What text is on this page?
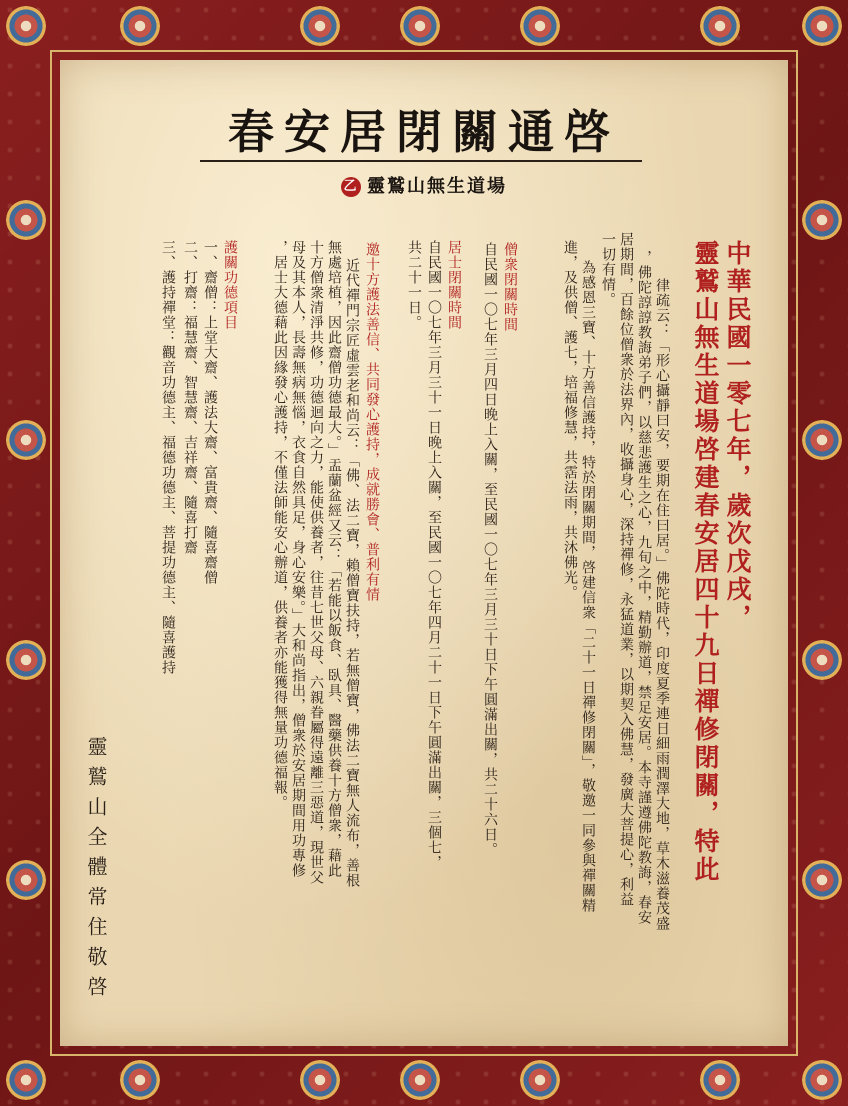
春安居閉關通啓
乙 靈鷲山無生道場
中華民國一零七年，歲次戊戌，
靈鷲山無生道場啓建春安居四十九日禪修閉關，特此
律疏云：「形心攝靜曰安，要期在住曰居。」佛陀時代，印度夏季連日細雨潤澤大地，草木滋養茂盛
，佛陀諄諄教誨弟子們，以慈悲護生之心，九旬之中，精勤辦道，禁足安居。本寺謹遵佛陀教誨，春安
居期間，百餘位僧衆於法界內，收攝身心，深持禪修，永猛道業，以期契入佛慧，發廣大菩提心，利益
一切有情。
為感恩三寶、十方善信護持，特於閉關期間，啓建信衆「二十一日禪修閉關」，敬邀一同參與禪關精
進，及供僧、護七，培福修慧，共霑法雨，共沐佛光。
僧衆閉關時間
自民國一〇七年三月四日晚上入關，至民國一〇七年三月三十日下午圓滿出關，共二十六日。
居士閉關時間
自民國一〇七年三月三十一日晚上入關，至民國一〇七年四月二十一日下午圓滿出關，三個七，
共二十一日。
邀十方護法善信、共同發心護持，成就勝會、普利有情
近代禪門宗匠虛雲老和尚云：「佛、法二寶，賴僧寶扶持，若無僧寶，佛法二寶無人流布，善根
無處培植，因此齋僧功德最大。」盂蘭盆經又云：「若能以飯食、臥具、醫藥供養十方僧衆，藉此
十方僧衆清淨共修，功德迴向之力，能使供養者，往昔七世父母、六親眷屬得遠離三惡道，現世父
母及其本人，長壽無病無惱，衣食自然具足，身心安樂。」大和尚指出，僧衆於安居期間用功專修
，居士大德藉此因緣發心護持，不僅法師能安心辦道，供養者亦能獲得無量功德福報。
護關功德項目
一、齋僧：上堂大齋、護法大齋、富貴齋、隨喜齋僧
二、打齋：福慧齋、智慧齋、吉祥齋、隨喜打齋
三、護持禪堂：觀音功德主、福德功德主、菩提功德主、隨喜護持
靈鷲山全體常住
敬啓
